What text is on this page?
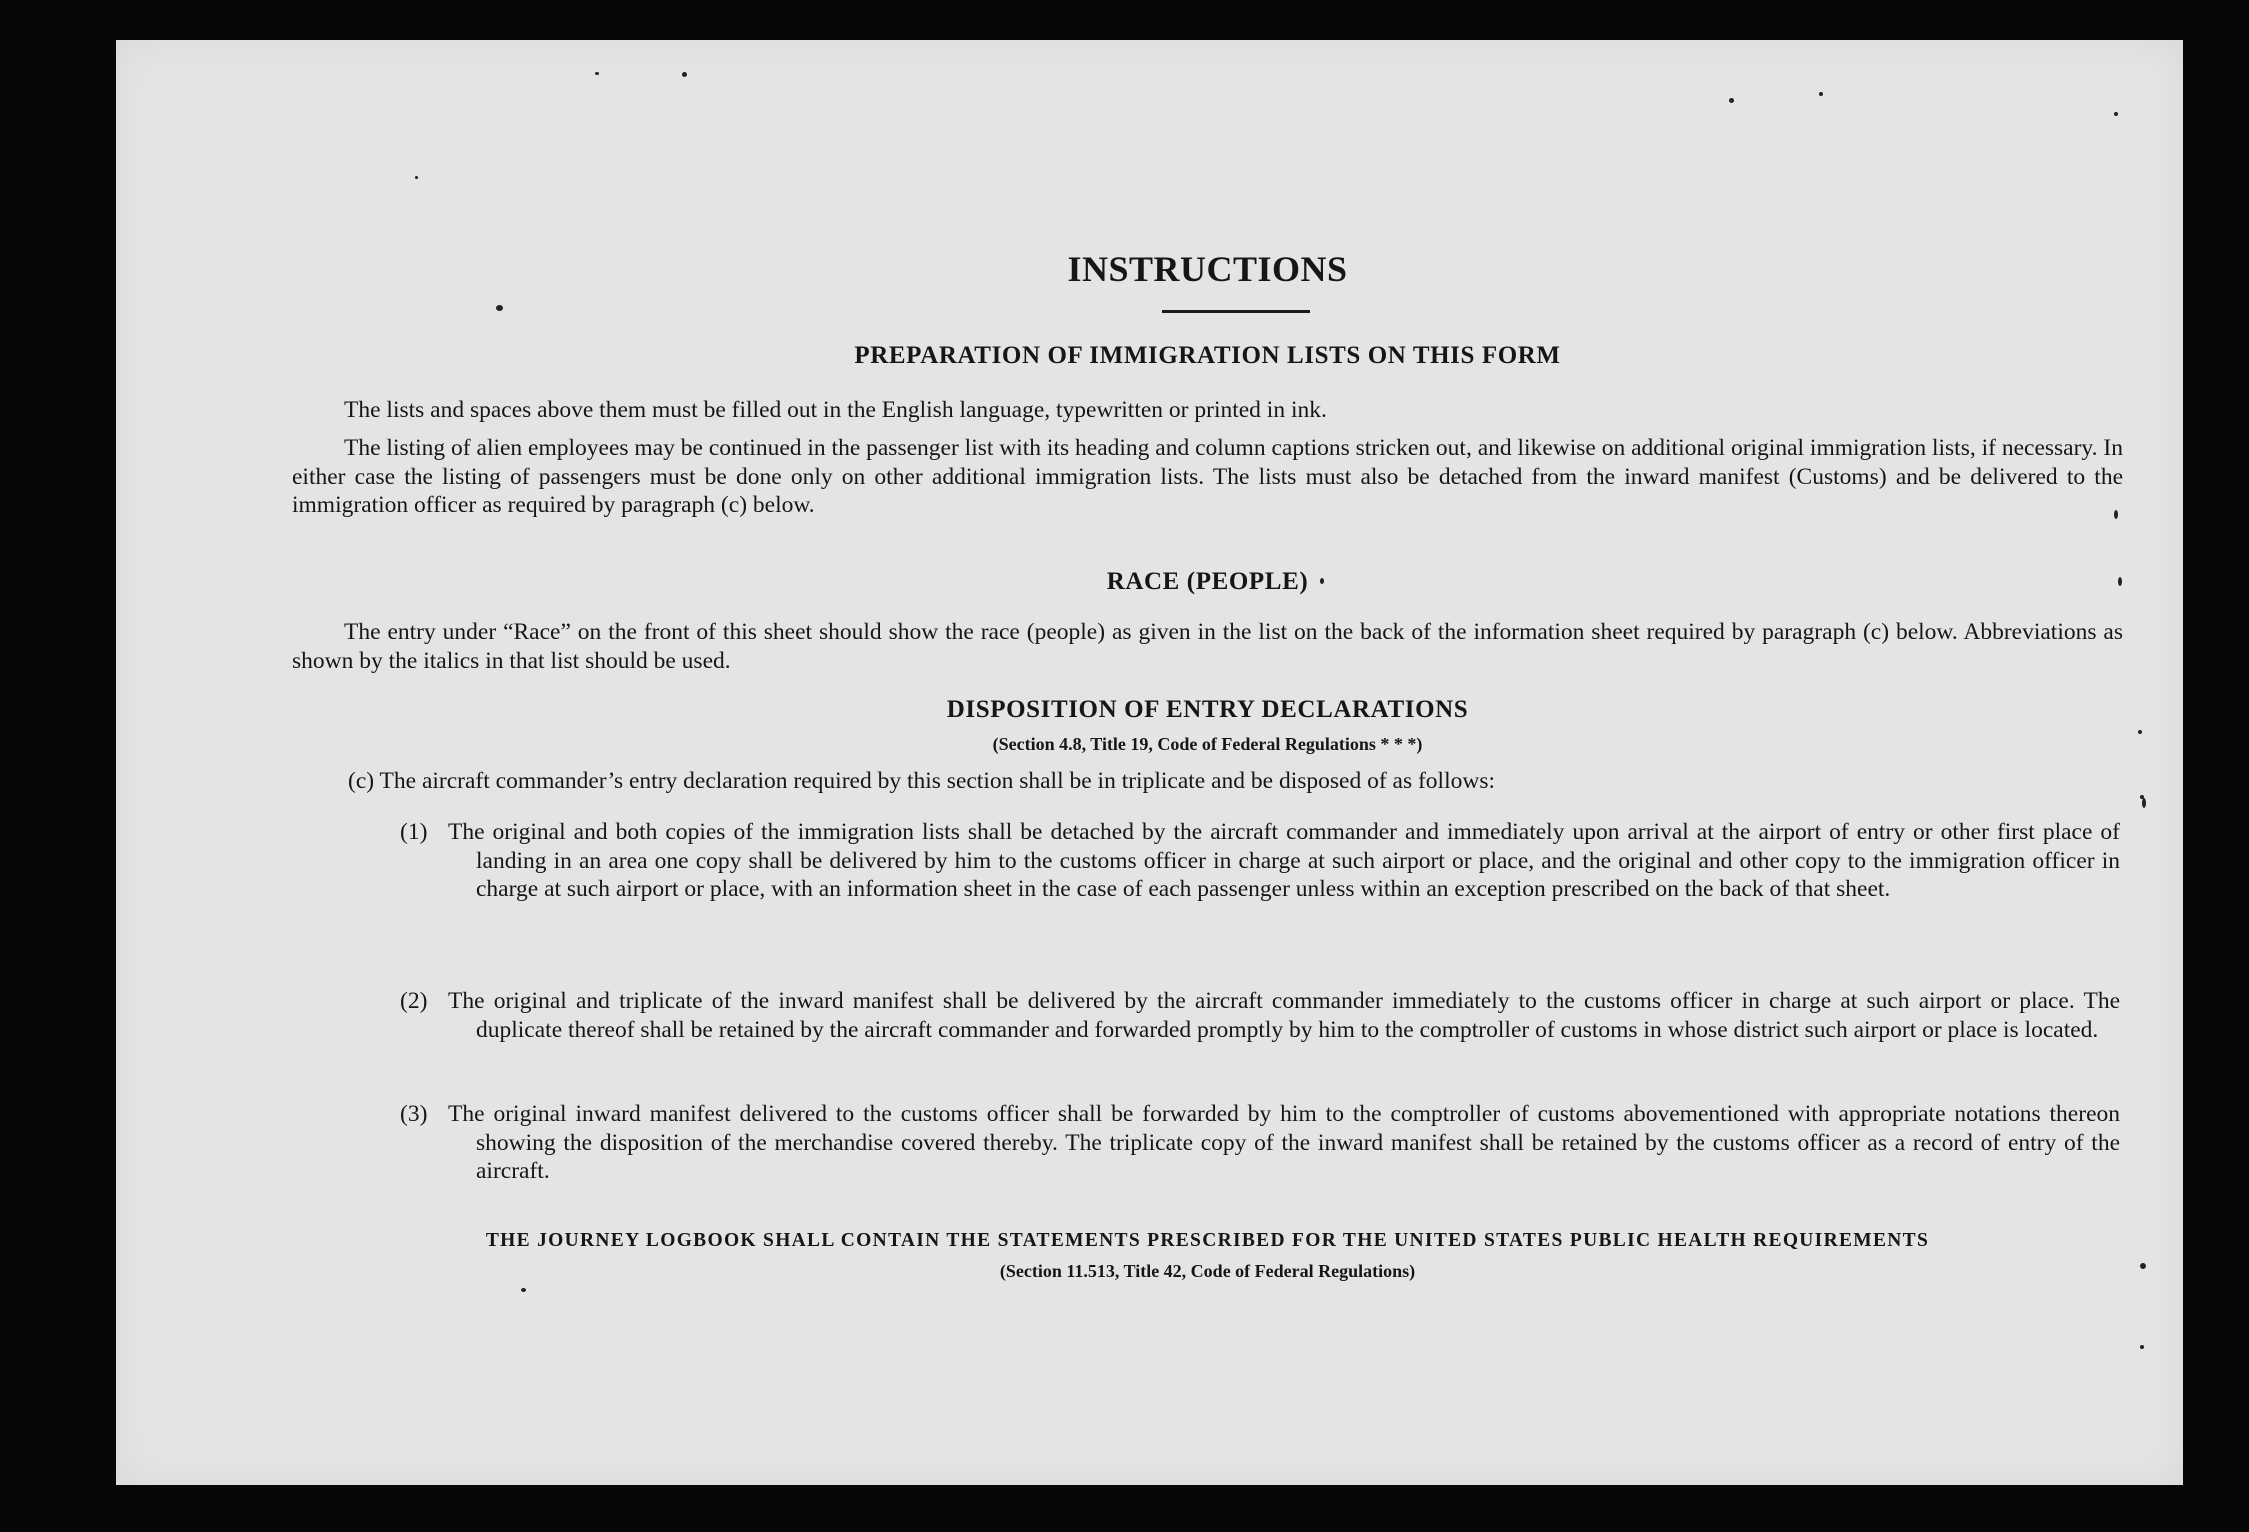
INSTRUCTIONS
PREPARATION OF IMMIGRATION LISTS ON THIS FORM

The lists and spaces above them must be filled out in the English language, typewritten or printed in ink.

The listing of alien employees may be continued in the passenger list with its heading and column captions stricken out, and likewise on additional original immigration lists, if necessary. In either case the listing of passengers must be done only on other additional immigration lists. The lists must also be detached from the inward manifest (Customs) and be delivered to the immigration officer as required by paragraph (c) below.

RACE (PEOPLE)

The entry under “Race” on the front of this sheet should show the race (people) as given in the list on the back of the information sheet required by paragraph (c) below. Abbreviations as shown by the italics in that list should be used.

DISPOSITION OF ENTRY DECLARATIONS

(Section 4.8, Title 19, Code of Federal Regulations * * *)

(c) The aircraft commander’s entry declaration required by this section shall be in triplicate and be disposed of as follows:

(1) The original and both copies of the immigration lists shall be detached by the aircraft commander and immediately upon arrival at the airport of entry or other first place of landing in an area one copy shall be delivered by him to the customs officer in charge at such airport or place, and the original and other copy to the immigration officer in charge at such airport or place, with an information sheet in the case of each passenger unless within an exception prescribed on the back of that sheet.
(2) The original and triplicate of the inward manifest shall be delivered by the aircraft commander immediately to the customs officer in charge at such airport or place. The duplicate thereof shall be retained by the aircraft commander and forwarded promptly by him to the comptroller of customs in whose district such airport or place is located.
(3) The original inward manifest delivered to the customs officer shall be forwarded by him to the comptroller of customs abovementioned with appropriate notations thereon showing the disposition of the merchandise covered thereby. The triplicate copy of the inward manifest shall be retained by the customs officer as a record of entry of the aircraft.

THE JOURNEY LOGBOOK SHALL CONTAIN THE STATEMENTS PRESCRIBED FOR THE UNITED STATES PUBLIC HEALTH REQUIREMENTS

(Section 11.513, Title 42, Code of Federal Regulations)
